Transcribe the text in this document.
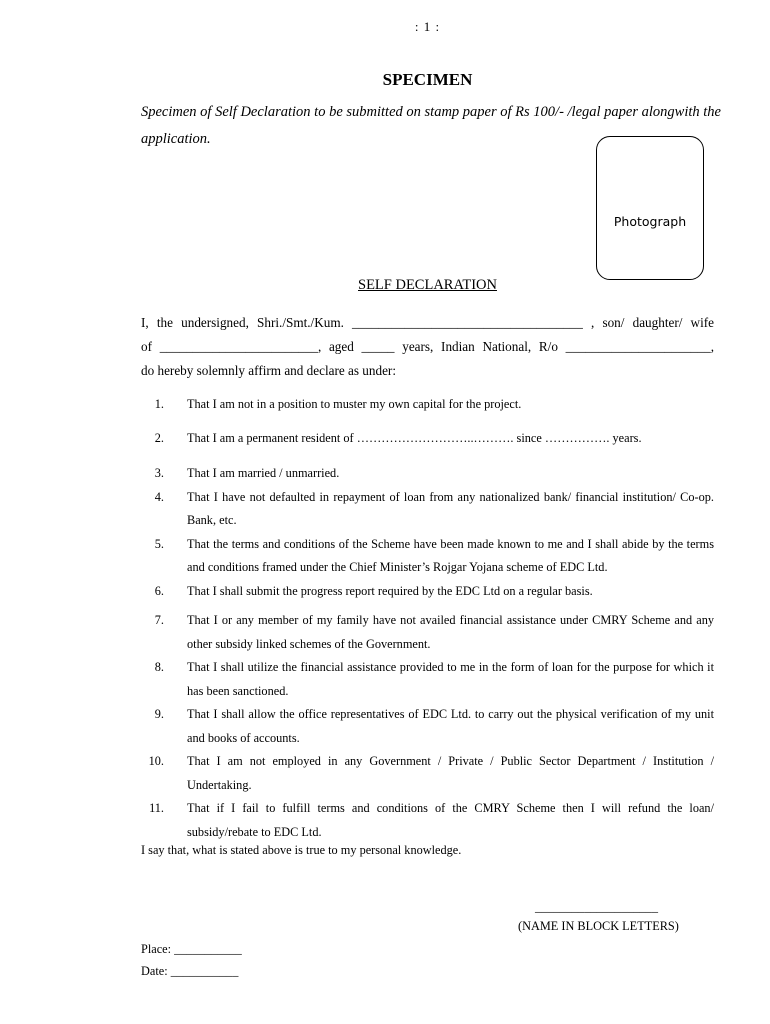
: 1 :
SPECIMEN
Specimen of Self Declaration to be submitted on stamp paper of Rs 100/- /legal paper alongwith the application.
Photograph
SELF DECLARATION
I, the undersigned, Shri./Smt./Kum. ___________________________________ , son/ daughter/ wife
of ________________________, aged _____ years, Indian National, R/o ______________________,
do hereby solemnly affirm and declare as under:
1. That I am not in a position to muster my own capital for the project.
2. That I am a permanent resident of ………………………..………. since ……………. years.
3. That I am married / unmarried.
4. That I have not defaulted in repayment of loan from any nationalized bank/ financial institution/ Co-op. Bank, etc.
5. That the terms and conditions of the Scheme have been made known to me and I shall abide by the terms and conditions framed under the Chief Minister’s Rojgar Yojana scheme of EDC Ltd.
6. That I shall submit the progress report required by the EDC Ltd on a regular basis.
7. That I or any member of my family have not availed financial assistance under CMRY Scheme and any other subsidy linked schemes of the Government.
8. That I shall utilize the financial assistance provided to me in the form of loan for the purpose for which it has been sanctioned.
9. That I shall allow the office representatives of EDC Ltd. to carry out the physical verification of my unit and books of accounts.
10. That I am not employed in any Government / Private / Public Sector Department / Institution / Undertaking.
11. That if I fail to fulfill terms and conditions of the CMRY Scheme then I will refund the loan/ subsidy/rebate to EDC Ltd.
I say that, what is stated above is true to my personal knowledge.
____________________
(NAME IN BLOCK LETTERS)
Place: ___________
Date: ___________
